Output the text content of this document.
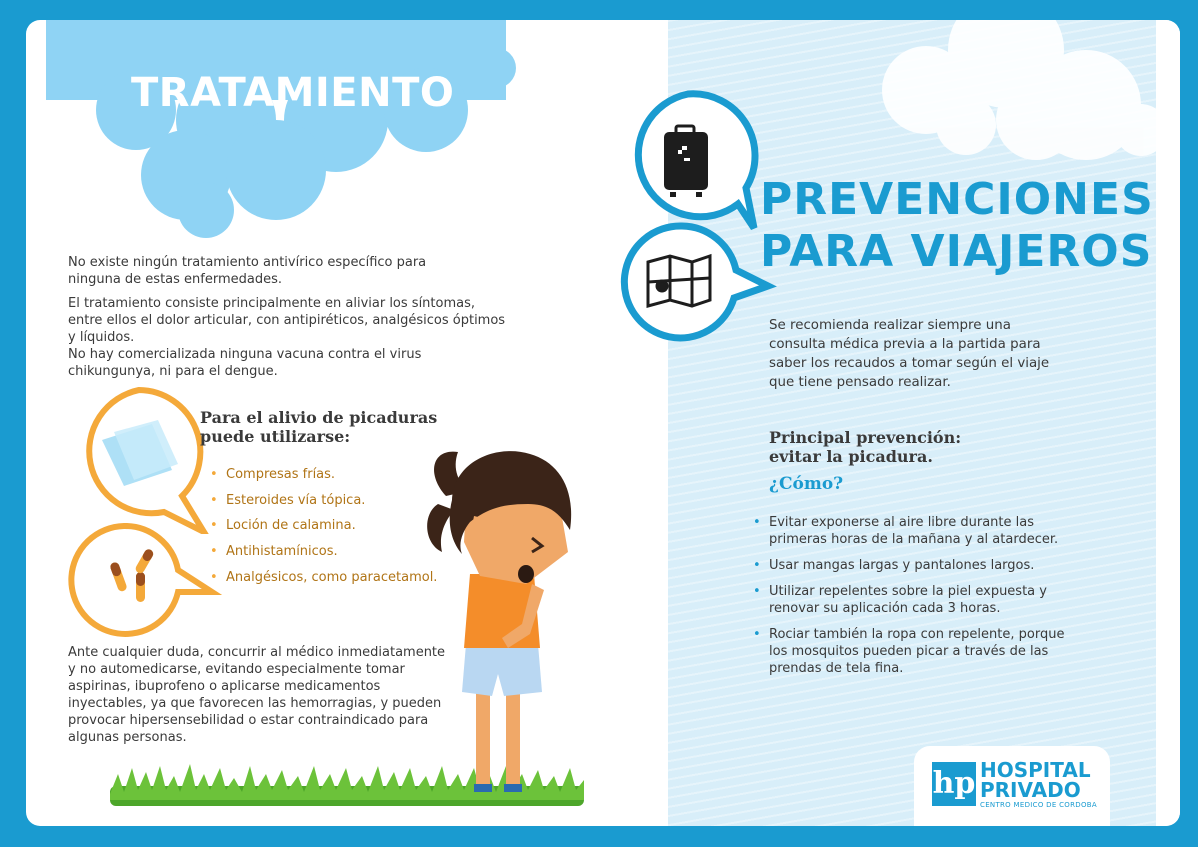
TRATAMIENTO

No existe ningún tratamiento antivírico específico para ninguna de estas enfermedades.

El tratamiento consiste principalmente en aliviar los síntomas, entre ellos el dolor articular, con antipiréticos, analgésicos óptimos y líquidos.

No hay comercializada ninguna vacuna contra el virus chikungunya, ni para el dengue.

Para el alivio de picaduras puede utilizarse:
• Compresas frías.
• Esteroides vía tópica.
• Loción de calamina.
• Antihistamínicos.
• Analgésicos, como paracetamol.

Ante cualquier duda, concurrir al médico inmediatamente y no automedicarse, evitando especialmente tomar aspirinas, ibuprofeno o aplicarse medicamentos inyectables, ya que favorecen las hemorragias, y pueden provocar hipersensebilidad o estar contraindicado para algunas personas.

PREVENCIONES
PARA VIAJEROS

Se recomienda realizar siempre una consulta médica previa a la partida para saber los recaudos a tomar según el viaje que tiene pensado realizar.

Principal prevención: evitar la picadura.
¿Cómo?
• Evitar exponerse al aire libre durante las primeras horas de la mañana y al atardecer.
• Usar mangas largas y pantalones largos.
• Utilizar repelentes sobre la piel expuesta y renovar su aplicación cada 3 horas.
• Rociar también la ropa con repelente, porque los mosquitos pueden picar a través de las prendas de tela fina.
hp HOSPITAL
PRIVADO
CENTRO MEDICO DE CORDOBA
